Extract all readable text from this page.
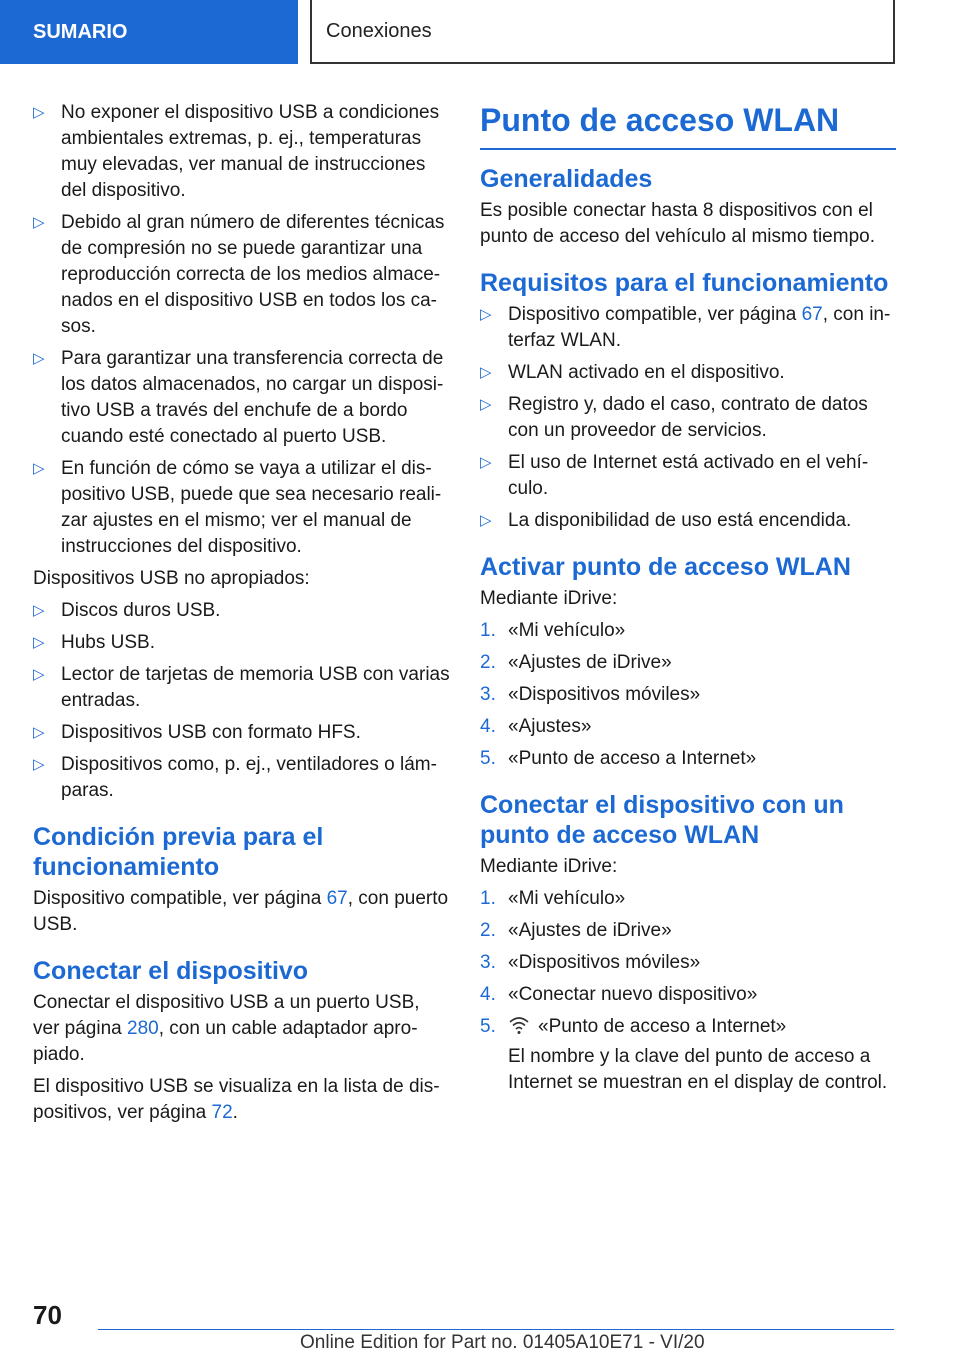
SUMARIO	Conexiones
▷ No exponer el dispositivo USB a condiciones ambientales extremas, p. ej., temperaturas muy elevadas, ver manual de instrucciones del dispositivo.
▷ Debido al gran número de diferentes técnicas de compresión no se puede garantizar una reproducción correcta de los medios almacenados en el dispositivo USB en todos los casos.
▷ Para garantizar una transferencia correcta de los datos almacenados, no cargar un dispositivo USB a través del enchufe de a bordo cuando esté conectado al puerto USB.
▷ En función de cómo se vaya a utilizar el dispositivo USB, puede que sea necesario realizar ajustes en el mismo; ver el manual de instrucciones del dispositivo.

Dispositivos USB no apropiados:

▷ Discos duros USB.
▷ Hubs USB.
▷ Lector de tarjetas de memoria USB con varias entradas.
▷ Dispositivos USB con formato HFS.
▷ Dispositivos como, p. ej., ventiladores o lámparas.
Condición previa para el funcionamiento

Dispositivo compatible, ver página 67, con puerto USB.

Conectar el dispositivo

Conectar el dispositivo USB a un puerto USB, ver página 280, con un cable adaptador apropiado.

El dispositivo USB se visualiza en la lista de dispositivos, ver página 72.

Punto de acceso WLAN
Generalidades

Es posible conectar hasta 8 dispositivos con el punto de acceso del vehículo al mismo tiempo.

Requisitos para el funcionamiento
▷ Dispositivo compatible, ver página 67, con interfaz WLAN.
▷ WLAN activado en el dispositivo.
▷ Registro y, dado el caso, contrato de datos con un proveedor de servicios.
▷ El uso de Internet está activado en el vehículo.
▷ La disponibilidad de uso está encendida.
Activar punto de acceso WLAN

Mediante iDrive:

1. «Mi vehículo»
2. «Ajustes de iDrive»
3. «Dispositivos móviles»
4. «Ajustes»
5. «Punto de acceso a Internet»
Conectar el dispositivo con un punto de acceso WLAN

Mediante iDrive:

1. «Mi vehículo»
2. «Ajustes de iDrive»
3. «Dispositivos móviles»
4. «Conectar nuevo dispositivo»
5. «Punto de acceso a Internet»
El nombre y la clave del punto de acceso a Internet se muestran en el display de control.
70
Online Edition for Part no. 01405A10E71 - VI/20
